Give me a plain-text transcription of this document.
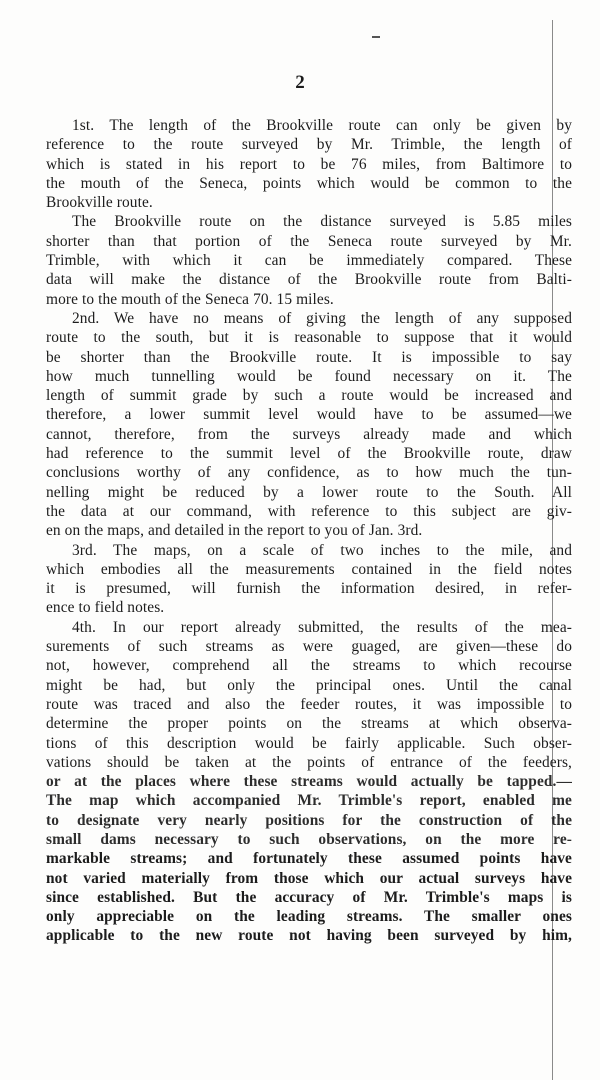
2
1st. The length of the Brookville route can only be given by
reference to the route surveyed by Mr. Trimble, the length of
which is stated in his report to be 76 miles, from Baltimore to
the mouth of the Seneca, points which would be common to the
Brookville route.
The Brookville route on the distance surveyed is 5.85 miles
shorter than that portion of the Seneca route surveyed by Mr.
Trimble, with which it can be immediately compared. These
data will make the distance of the Brookville route from Balti-
more to the mouth of the Seneca 70. 15 miles.
2nd. We have no means of giving the length of any supposed
route to the south, but it is reasonable to suppose that it would
be shorter than the Brookville route. It is impossible to say
how much tunnelling would be found necessary on it. The
length of summit grade by such a route would be increased and
therefore, a lower summit level would have to be assumed—we
cannot, therefore, from the surveys already made and which
had reference to the summit level of the Brookville route, draw
conclusions worthy of any confidence, as to how much the tun-
nelling might be reduced by a lower route to the South. All
the data at our command, with reference to this subject are giv-
en on the maps, and detailed in the report to you of Jan. 3rd.
3rd. The maps, on a scale of two inches to the mile, and
which embodies all the measurements contained in the field notes
it is presumed, will furnish the information desired, in refer-
ence to field notes.
4th. In our report already submitted, the results of the mea-
surements of such streams as were guaged, are given—these do
not, however, comprehend all the streams to which recourse
might be had, but only the principal ones. Until the canal
route was traced and also the feeder routes, it was impossible to
determine the proper points on the streams at which observa-
tions of this description would be fairly applicable. Such obser-
vations should be taken at the points of entrance of the feeders,
or at the places where these streams would actually be tapped.—
The map which accompanied Mr. Trimble's report, enabled me
to designate very nearly positions for the construction of the
small dams necessary to such observations, on the more re-
markable streams; and fortunately these assumed points have
not varied materially from those which our actual surveys have
since established. But the accuracy of Mr. Trimble's maps is
only appreciable on the leading streams. The smaller ones
applicable to the new route not having been surveyed by him,
